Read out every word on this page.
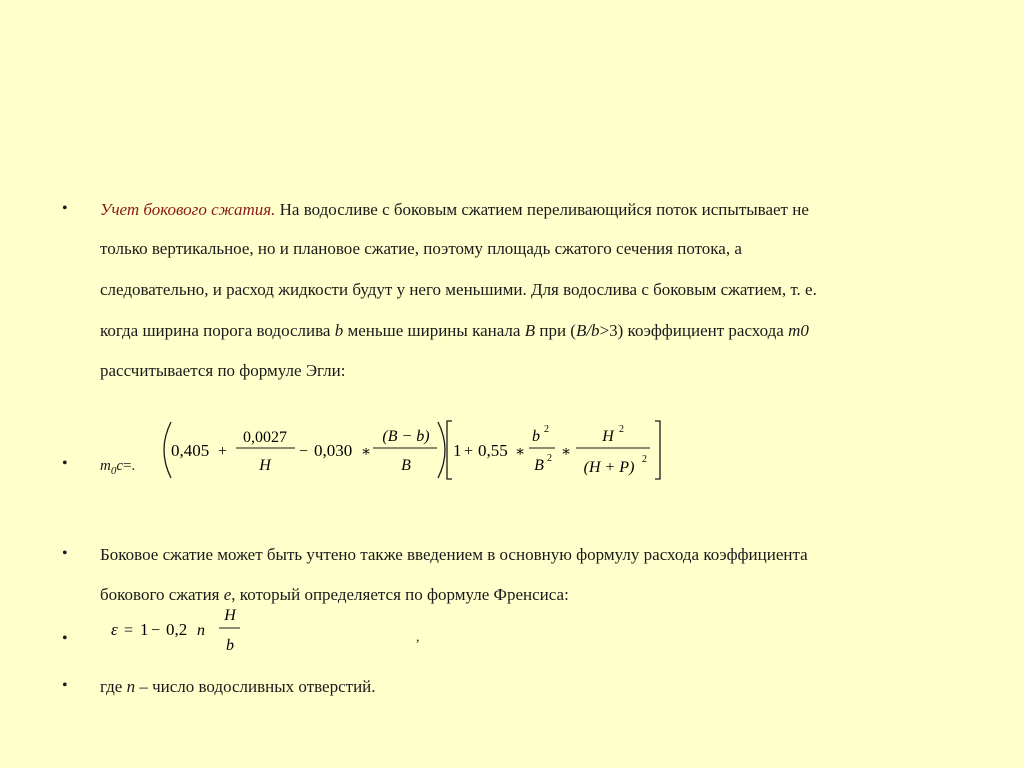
• Учет бокового сжатия. На водосливе с боковым сжатием переливающийся поток испытывает не
только вертикальное, но и плановое сжатие, поэтому площадь сжатого сечения потока, а
следовательно, и расход жидкости будут у него меньшими. Для водослива с боковым сжатием, т. е.
когда ширина порога водослива b меньше ширины канала B при (B/b>3) коэффициент расхода m0
рассчитывается по формуле Эгли:
• $m_0c=$.
0,405 +
0,0027
H
− 0,030 ∗
(B − b)
B
1 + 0,55 ∗
b 2
B 2 ∗
H 2
(H + P) 2
• Боковое сжатие может быть учтено также введением в основную формулу расхода коэффициента
бокового сжатия е, который определяется по формуле Френсиса:
•	ε = 1 − 0,2 n
H
b	,
• где n – число водосливных отверстий.
